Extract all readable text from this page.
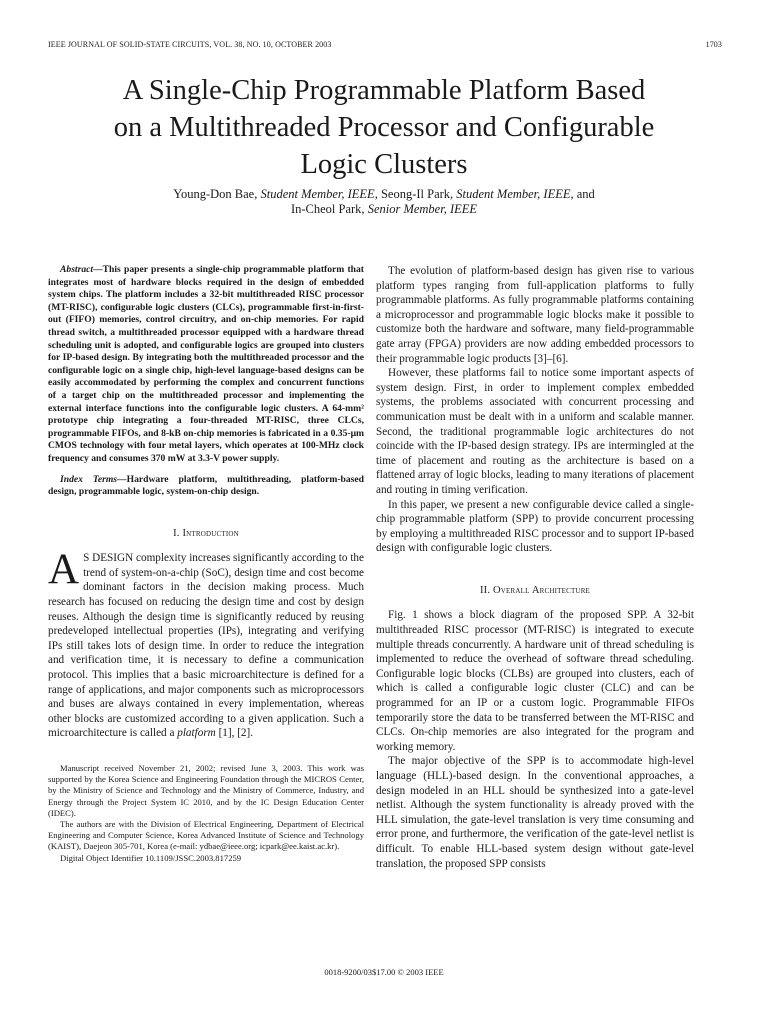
IEEE JOURNAL OF SOLID-STATE CIRCUITS, VOL. 38, NO. 10, OCTOBER 2003	1703
A Single-Chip Programmable Platform Based
on a Multithreaded Processor and Configurable
Logic Clusters
Young-Don Bae, Student Member, IEEE, Seong-Il Park, Student Member, IEEE, and
In-Cheol Park, Senior Member, IEEE

Abstract—This paper presents a single-chip programmable platform that integrates most of hardware blocks required in the design of embedded system chips. The platform includes a 32-bit multithreaded RISC processor (MT-RISC), configurable logic clusters (CLCs), programmable first-in-first-out (FIFO) memories, control circuitry, and on-chip memories. For rapid thread switch, a multithreaded processor equipped with a hardware thread scheduling unit is adopted, and configurable logics are grouped into clusters for IP-based design. By integrating both the multithreaded processor and the configurable logic on a single chip, high-level language-based designs can be easily accommodated by performing the complex and concurrent functions of a target chip on the multithreaded processor and implementing the external interface functions into the configurable logic clusters. A 64-mm² prototype chip integrating a four-threaded MT-RISC, three CLCs, programmable FIFOs, and 8-kB on-chip memories is fabricated in a 0.35-μm CMOS technology with four metal layers, which operates at 100-MHz clock frequency and consumes 370 mW at 3.3-V power supply.

Index Terms—Hardware platform, multithreading, platform-based design, programmable logic, system-on-chip design.

I. Introduction

A S DESIGN complexity increases significantly according to the trend of system-on-a-chip (SoC), design time and cost become dominant factors in the decision making process. Much research has focused on reducing the design time and cost by design reuses. Although the design time is significantly reduced by reusing predeveloped intellectual properties (IPs), integrating and verifying IPs still takes lots of design time. In order to reduce the integration and verification time, it is necessary to define a communication protocol. This implies that a basic microarchitecture is defined for a range of applications, and major components such as microprocessors and buses are always contained in every implementation, whereas other blocks are customized according to a given application. Such a microarchitecture is called a platform [1], [2].

Manuscript received November 21, 2002; revised June 3, 2003. This work was supported by the Korea Science and Engineering Foundation through the MICROS Center, by the Ministry of Science and Technology and the Ministry of Commerce, Industry, and Energy through the Project System IC 2010, and by the IC Design Education Center (IDEC).

The authors are with the Division of Electrical Engineering, Department of Electrical Engineering and Computer Science, Korea Advanced Institute of Science and Technology (KAIST), Daejeon 305-701, Korea (e-mail: ydbae@ieee.org; icpark@ee.kaist.ac.kr).

Digital Object Identifier 10.1109/JSSC.2003.817259

The evolution of platform-based design has given rise to various platform types ranging from full-application platforms to fully programmable platforms. As fully programmable platforms containing a microprocessor and programmable logic blocks make it possible to customize both the hardware and software, many field-programmable gate array (FPGA) providers are now adding embedded processors to their programmable logic products [3]–[6].

However, these platforms fail to notice some important aspects of system design. First, in order to implement complex embedded systems, the problems associated with concurrent processing and communication must be dealt with in a uniform and scalable manner. Second, the traditional programmable logic architectures do not coincide with the IP-based design strategy. IPs are intermingled at the time of placement and routing as the architecture is based on a flattened array of logic blocks, leading to many iterations of placement and routing in timing verification.

In this paper, we present a new configurable device called a single-chip programmable platform (SPP) to provide concurrent processing by employing a multithreaded RISC processor and to support IP-based design with configurable logic clusters.

II. Overall Architecture

Fig. 1 shows a block diagram of the proposed SPP. A 32-bit multithreaded RISC processor (MT-RISC) is integrated to execute multiple threads concurrently. A hardware unit of thread scheduling is implemented to reduce the overhead of software thread scheduling. Configurable logic blocks (CLBs) are grouped into clusters, each of which is called a configurable logic cluster (CLC) and can be programmed for an IP or a custom logic. Programmable FIFOs temporarily store the data to be transferred between the MT-RISC and CLCs. On-chip memories are also integrated for the program and working memory.

The major objective of the SPP is to accommodate high-level language (HLL)-based design. In the conventional approaches, a design modeled in an HLL should be synthesized into a gate-level netlist. Although the system functionality is already proved with the HLL simulation, the gate-level translation is very time consuming and error prone, and furthermore, the verification of the gate-level netlist is difficult. To enable HLL-based system design without gate-level translation, the proposed SPP consists

0018-9200/03$17.00 © 2003 IEEE
